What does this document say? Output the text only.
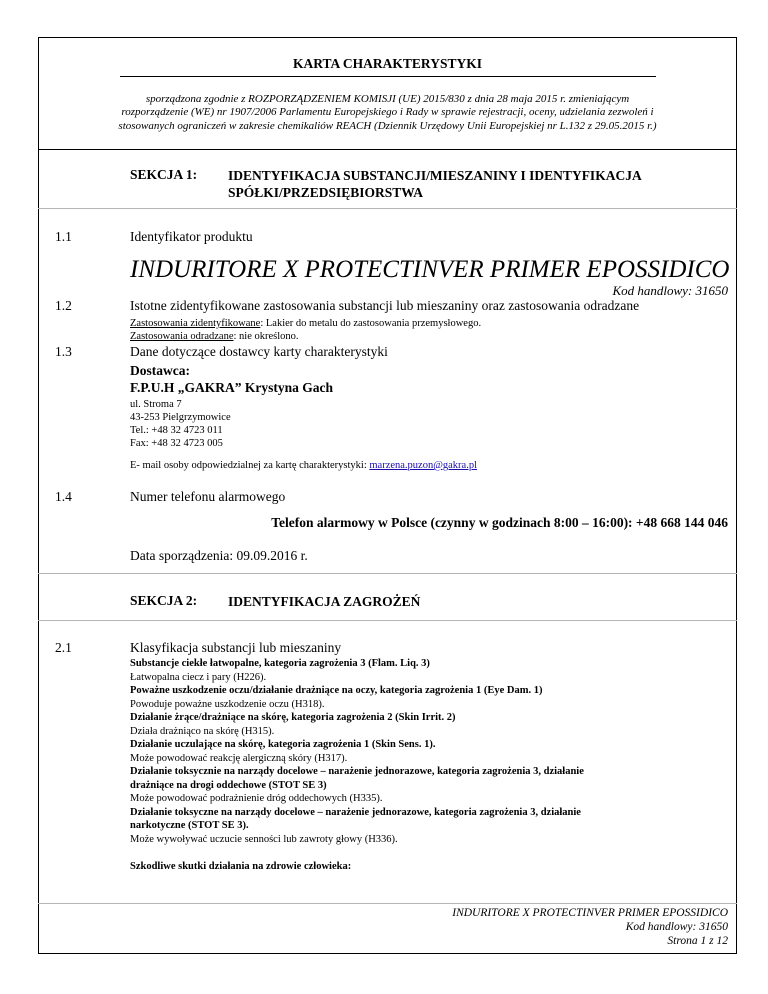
KARTA CHARAKTERYSTYKI
sporządzona zgodnie z ROZPORZĄDZENIEM KOMISJI (UE) 2015/830 z dnia 28 maja 2015 r. zmieniającym
rozporządzenie (WE) nr 1907/2006 Parlamentu Europejskiego i Rady w sprawie rejestracji, oceny, udzielania zezwoleń i
stosowanych ograniczeń w zakresie chemikaliów REACH (Dziennik Urzędowy Unii Europejskiej nr L.132 z 29.05.2015 r.)
SEKCJA 1: IDENTYFIKACJA SUBSTANCJI/MIESZANINY I IDENTYFIKACJA SPÓŁKI/PRZEDSIĘBIORSTWA
1.1	Identyfikator produktu
INDURITORE X PROTECTINVER PRIMER EPOSSIDICO
Kod handlowy: 31650
1.2	Istotne zidentyfikowane zastosowania substancji lub mieszaniny oraz zastosowania odradzane
Zastosowania zidentyfikowane: Lakier do metalu do zastosowania przemysłowego.
Zastosowania odradzane: nie określono.
1.3	Dane dotyczące dostawcy karty charakterystyki
Dostawca:
F.P.U.H „GAKRA” Krystyna Gach
ul. Stroma 7
43-253 Pielgrzymowice
Tel.: +48 32 4723 011
Fax: +48 32 4723 005
E- mail osoby odpowiedzialnej za kartę charakterystyki: marzena.puzon@gakra.pl
1.4	Numer telefonu alarmowego
Telefon alarmowy w Polsce (czynny w godzinach 8:00 – 16:00): +48 668 144 046
Data sporządzenia: 09.09.2016 r.
SEKCJA 2: IDENTYFIKACJA ZAGROŻEŃ
2.1	Klasyfikacja substancji lub mieszaniny
Substancje ciekłe łatwopalne, kategoria zagrożenia 3 (Flam. Liq. 3)
Łatwopalna ciecz i pary (H226).
Poważne uszkodzenie oczu/działanie drażniące na oczy, kategoria zagrożenia 1 (Eye Dam. 1)
Powoduje poważne uszkodzenie oczu (H318).
Działanie żrące/drażniące na skórę, kategoria zagrożenia 2 (Skin Irrit. 2)
Działa drażniąco na skórę (H315).
Działanie uczulające na skórę, kategoria zagrożenia 1 (Skin Sens. 1).
Może powodować reakcję alergiczną skóry (H317).
Działanie toksycznie na narządy docelowe – narażenie jednorazowe, kategoria zagrożenia 3, działanie
drażniące na drogi oddechowe (STOT SE 3)
Może powodować podrażnienie dróg oddechowych (H335).
Działanie toksyczne na narządy docelowe – narażenie jednorazowe, kategoria zagrożenia 3, działanie
narkotyczne (STOT SE 3).
Może wywoływać uczucie senności lub zawroty głowy (H336).
Szkodliwe skutki działania na zdrowie człowieka:
INDURITORE X PROTECTINVER PRIMER EPOSSIDICO
Kod handlowy: 31650
Strona 1 z 12
